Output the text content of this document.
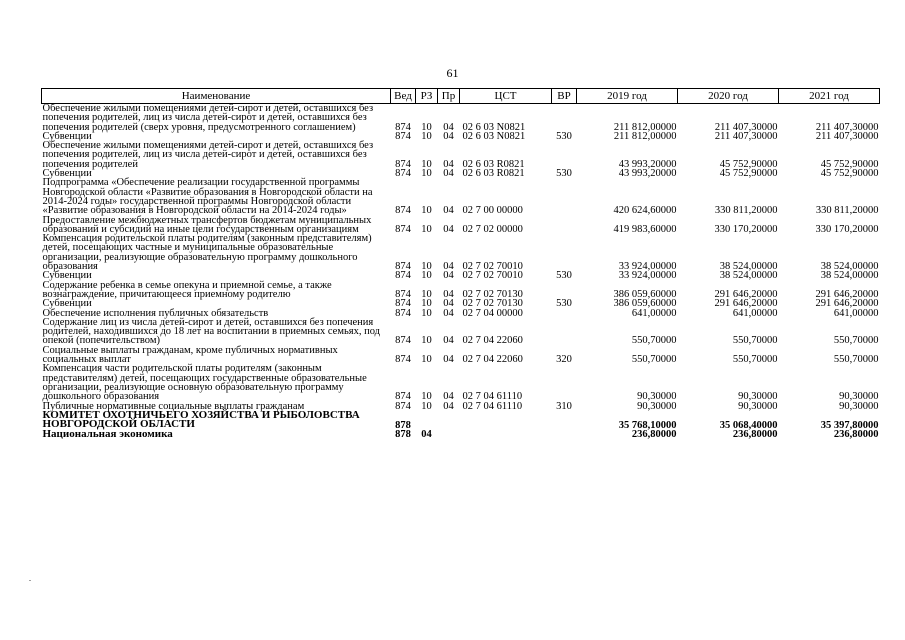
61
Наименование	Вед	РЗ	Пр	ЦСТ	ВР	2019 год	2020 год	2021 год
Обеспечение жилыми помещениями детей-сирот и детей, оставшихся без попечения родителей, лиц из числа детей-сирот и детей, оставшихся без попечения родителей (сверх уровня, предусмотренного соглашением)	874	10	04	02 6 03 N0821		211 812,00000	211 407,30000	211 407,30000
Субвенции	874	10	04	02 6 03 N0821	530	211 812,00000	211 407,30000	211 407,30000
Обеспечение жилыми помещениями детей-сирот и детей, оставшихся без попечения родителей, лиц из числа детей-сирот и детей, оставшихся без попечения родителей	874	10	04	02 6 03 R0821		43 993,20000	45 752,90000	45 752,90000
Субвенции	874	10	04	02 6 03 R0821	530	43 993,20000	45 752,90000	45 752,90000
Подпрограмма «Обеспечение реализации государственной программы Новгородской области «Развитие образования в Новгородской области на 2014-2024 годы» государственной программы Новгородской области «Развитие образования в Новгородской области на 2014-2024 годы»	874	10	04	02 7 00 00000		420 624,60000	330 811,20000	330 811,20000
Предоставление межбюджетных трансфертов бюджетам муниципальных образований и субсидий на иные цели государственным организациям	874	10	04	02 7 02 00000		419 983,60000	330 170,20000	330 170,20000
Компенсация родительской платы родителям (законным представителям) детей, посещающих частные и муниципальные образовательные организации, реализующие образовательную программу дошкольного образования	874	10	04	02 7 02 70010		33 924,00000	38 524,00000	38 524,00000
Субвенции	874	10	04	02 7 02 70010	530	33 924,00000	38 524,00000	38 524,00000
Содержание ребенка в семье опекуна и приемной семье, а также вознаграждение, причитающееся приемному родителю	874	10	04	02 7 02 70130		386 059,60000	291 646,20000	291 646,20000
Субвенции	874	10	04	02 7 02 70130	530	386 059,60000	291 646,20000	291 646,20000
Обеспечение исполнения публичных обязательств	874	10	04	02 7 04 00000		641,00000	641,00000	641,00000
Содержание лиц из числа детей-сирот и детей, оставшихся без попечения родителей, находившихся до 18 лет на воспитании в приемных семьях, под опекой (попечительством)	874	10	04	02 7 04 22060		550,70000	550,70000	550,70000
Социальные выплаты гражданам, кроме публичных нормативных социальных выплат	874	10	04	02 7 04 22060	320	550,70000	550,70000	550,70000
Компенсация части родительской платы родителям (законным представителям) детей, посещающих государственные образовательные организации, реализующие основную образовательную программу дошкольного образования	874	10	04	02 7 04 61110		90,30000	90,30000	90,30000
Публичные нормативные социальные выплаты гражданам	874	10	04	02 7 04 61110	310	90,30000	90,30000	90,30000
КОМИТЕТ ОХОТНИЧЬЕГО ХОЗЯЙСТВА И РЫБОЛОВСТВА НОВГОРОДСКОЙ ОБЛАСТИ	878					35 768,10000	35 068,40000	35 397,80000
Национальная экономика	878	04				236,80000	236,80000	236,80000
.
